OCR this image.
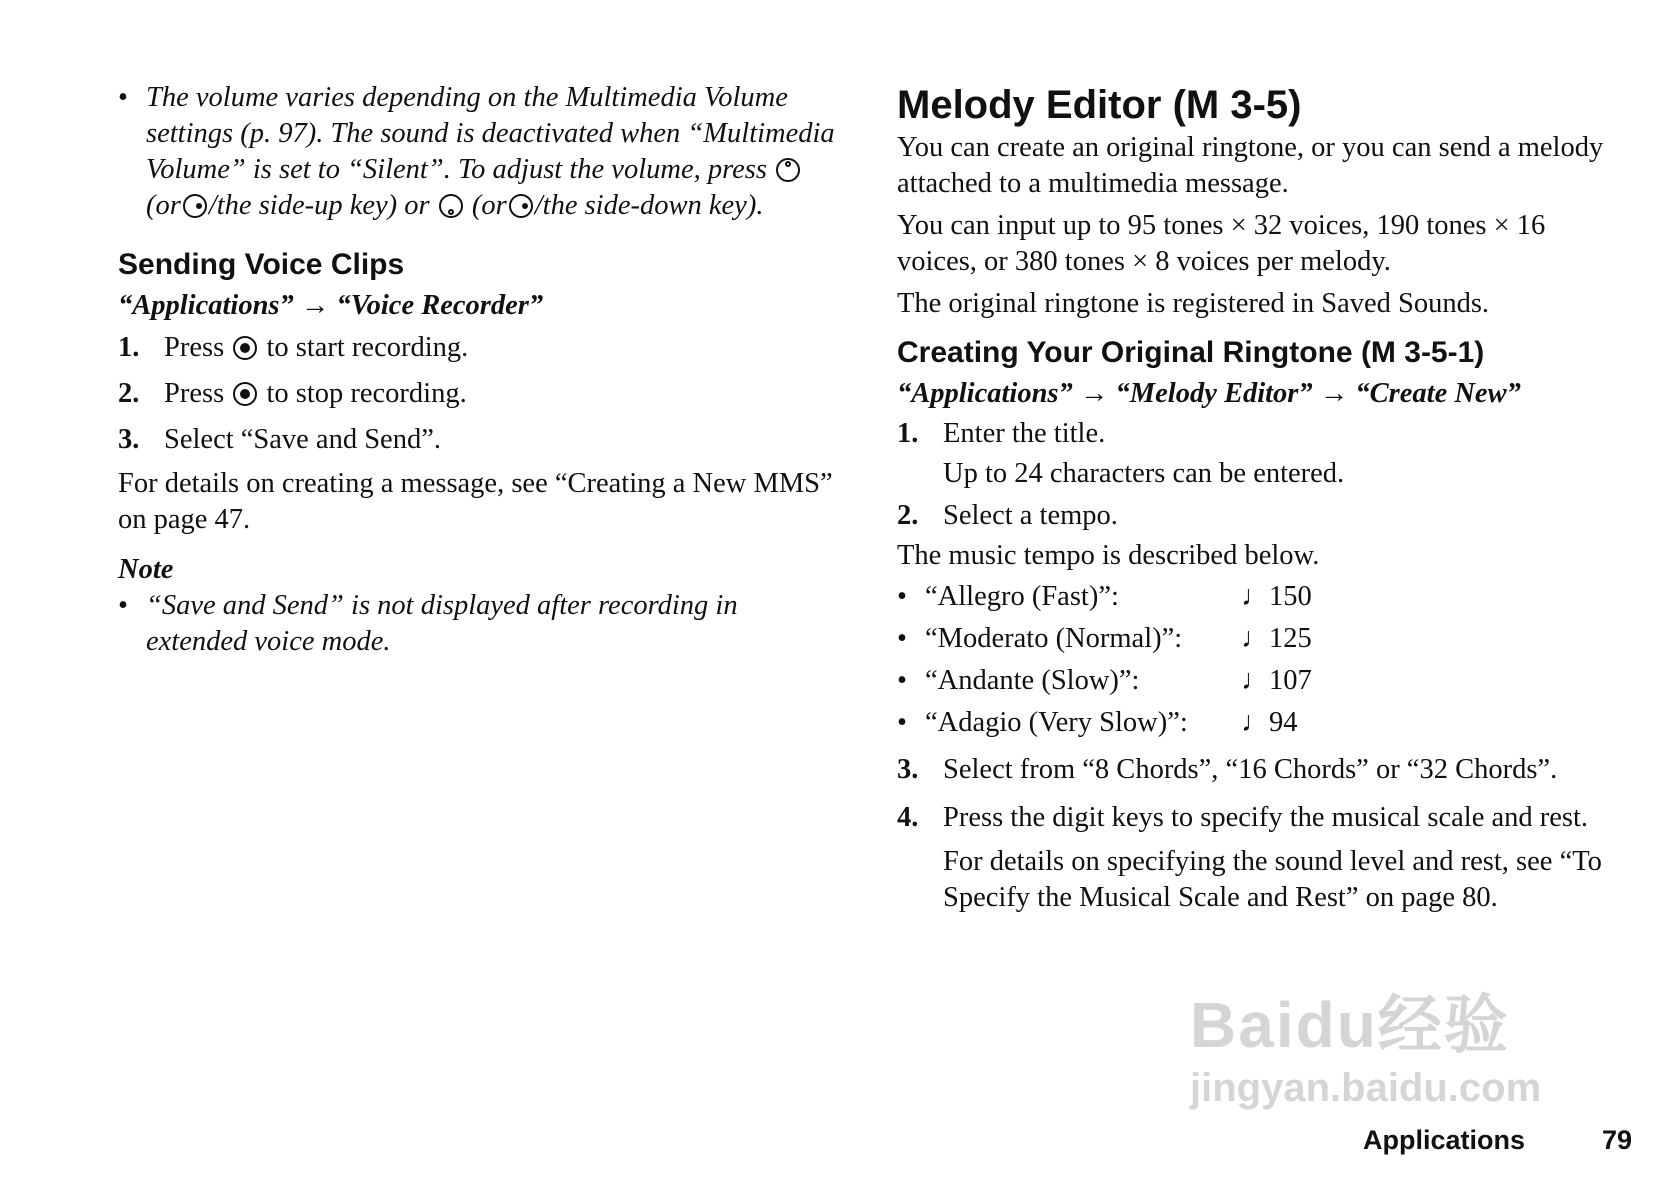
• The volume varies depending on the Multimedia Volume settings (p. 97). The sound is deactivated when “Multimedia Volume” is set to “Silent”. To adjust the volume, press  (or /the side-up key) or (or /the side-down key).

Sending Voice Clips

“Applications” → “Voice Recorder”

1. Press to start recording.
2. Press to stop recording.
3. Select “Save and Send”.

For details on creating a message, see “Creating a New MMS” on page 47.

Note

• “Save and Send” is not displayed after recording in extended voice mode.

Melody Editor (M 3-5)

You can create an original ringtone, or you can send a melody attached to a multimedia message.

You can input up to 95 tones × 32 voices, 190 tones × 16 voices, or 380 tones × 8 voices per melody.

The original ringtone is registered in Saved Sounds.

Creating Your Original Ringtone (M 3-5-1)

“Applications” → “Melody Editor” → “Create New”

1. Enter the title.

Up to 24 characters can be entered.

2. Select a tempo.

The music tempo is described below.

• “Allegro (Fast)”:	♩ 150
• “Moderato (Normal)”: ♩ 125
• “Andante (Slow)”:	♩ 107
• “Adagio (Very Slow)”: ♩ 94
3. Select from “8 Chords”, “16 Chords” or “32 Chords”.
4. Press the digit keys to specify the musical scale and rest.

For details on specifying the sound level and rest, see “To Specify the Musical Scale and Rest” on page 80.

Baidu经验
jingyan.baidu.com
Applications	79
